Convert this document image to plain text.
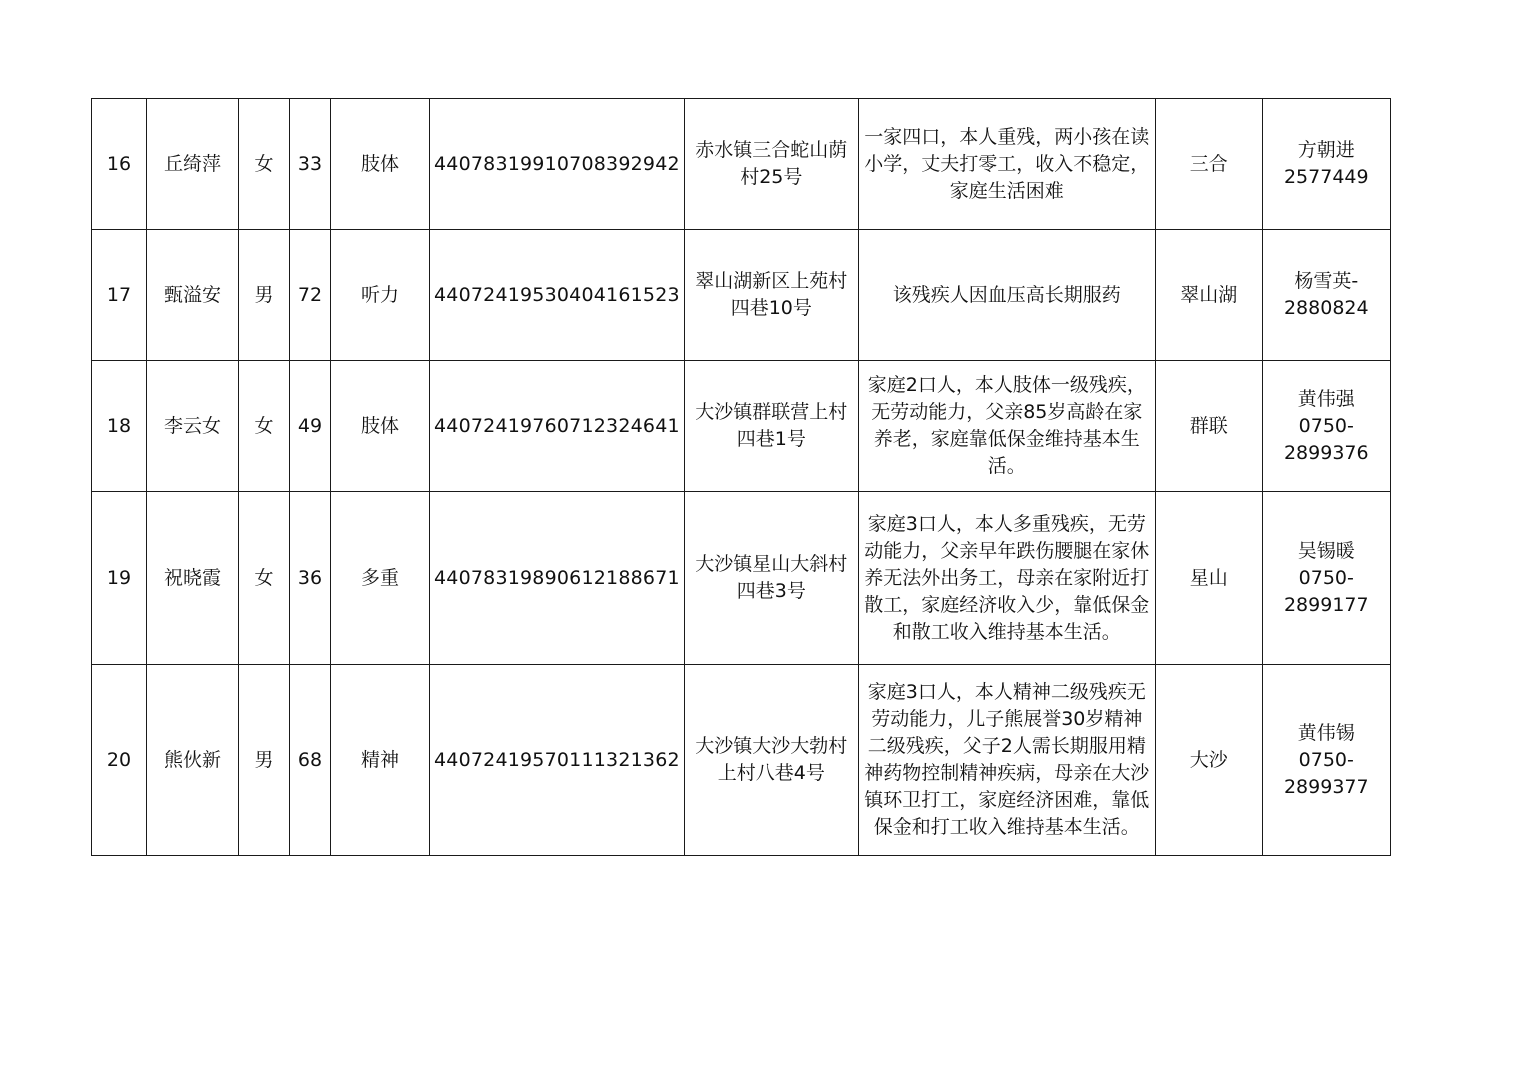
16	丘绮萍	女	33	肢体	44078319910708392942	赤水镇三合蛇山荫村25号	一家四口，本人重残，两小孩在读小学，丈夫打零工，收入不稳定，家庭生活困难	三合	方朝进
2577449

17	甄溢安	男	72	听力	44072419530404161523	翠山湖新区上苑村四巷10号	该残疾人因血压高长期服药	翠山湖	杨雪英-
2880824

18	李云女	女	49	肢体	44072419760712324641	大沙镇群联营上村四巷1号	家庭2口人，本人肢体一级残疾，无劳动能力，父亲85岁高龄在家养老，家庭靠低保金维持基本生活。	群联	黄伟强
0750-
2899376

19	祝晓霞	女	36	多重	44078319890612188671	大沙镇星山大斜村四巷3号	家庭3口人，本人多重残疾，无劳动能力，父亲早年跌伤腰腿在家休养无法外出务工，母亲在家附近打散工，家庭经济收入少，靠低保金和散工收入维持基本生活。	星山	吴锡暖
0750-
2899177

20	熊伙新	男	68	精神	44072419570111321362	大沙镇大沙大勃村上村八巷4号	家庭3口人，本人精神二级残疾无劳动能力，儿子熊展誉30岁精神二级残疾，父子2人需长期服用精神药物控制精神疾病，母亲在大沙镇环卫打工，家庭经济困难，靠低保金和打工收入维持基本生活。	大沙	黄伟锡
0750-
2899377
